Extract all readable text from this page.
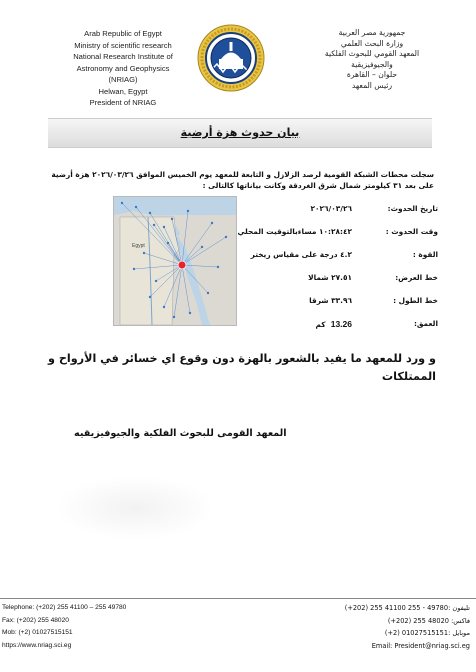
Arab Republic of Egypt
Ministry of scientific research
National Research Institute of
Astronomy and Geophysics
(NRIAG)
Helwan, Egypt
President of NRIAG
جمهورية مصر العربية
وزارة البحث العلمي
المعهد القومي للبحوث الفلكية
والجيوفيزيقية
حلوان – القاهرة
رئيس المعهد
بيان حدوث هزة أرضية
سجلت محطات الشبكة القومية لرصد الزلازل و التابعة للمعهد يوم الخميس الموافق ٢٠٢٦/٠٣/٢٦ هزة أرضية على بعد ٣١ كيلومتر شمال شرق الغردقة وكانت بياناتها كالتالى :
Egypt
تاريخ الحدوث:
٢٠٢٦/٠٣/٢٦
وقت الحدوث :
١٠:٢٨:٤٢ مساءبالتوقيت المحلي
القوة :
٤.٢ درجة على مقياس ريختر
خط العرض:
٢٧.٥١ شمالا
خط الطول :
٣٣.٩٦ شرقا
العمق:
13.26  كم
و ورد للمعهد ما يفيد بالشعور بالهزة دون وقوع اي خسائر في الأرواح و الممتلكات
المعهد القومى للبحوث الفلكية والجيوفيزيقيه
Telephone: (+202) 255 41100 – 255 49780
Fax: (+202) 255 48020
Mob: (+2) 01027515151
https://www.nriag.sci.eg
تليفون :49780 - 255 41100 255 (202+)
فاكس: 48020 255 (202+)
موبايل :01027515151 (2+)
Email: President@nriag.sci.eg
